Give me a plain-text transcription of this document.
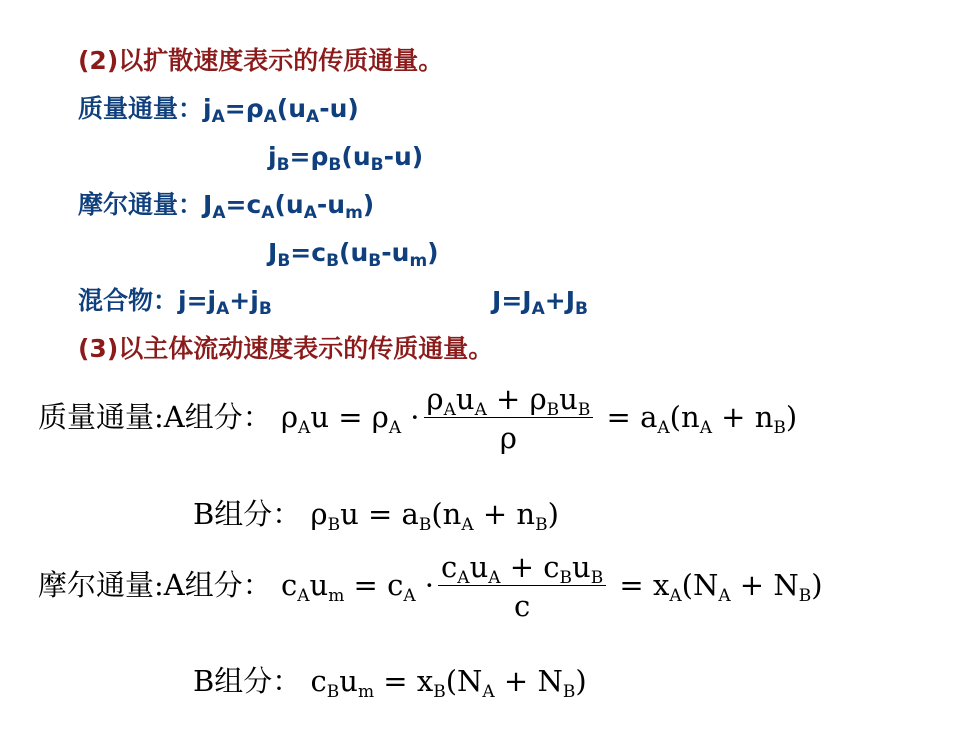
(2)以扩散速度表示的传质通量。
质量通量：$j_A=\rho_A(u_A-u)$
$j_B=\rho_B(u_B-u)$
摩尔通量：$J_A=c_A(u_A-u_m)$
$J_B=c_B(u_B-u_m)$
混合物：$j=j_A+j_B$	$J=J_A+J_B$
(3)以主体流动速度表示的传质通量。
质量通量:A组分： $\rho_Au = \rho_A \cdot \frac{\rho_Au_A + \rho_Bu_B}{\rho} = a_A(n_A + n_B)$
B组分： $\rho_Bu = a_B(n_A + n_B)$
摩尔通量:A组分： $c_Au_m = c_A \cdot \frac{c_Au_A + c_Bu_B}{c} = x_A(N_A + N_B)$
B组分： $c_Bu_m = x_B(N_A + N_B)$
